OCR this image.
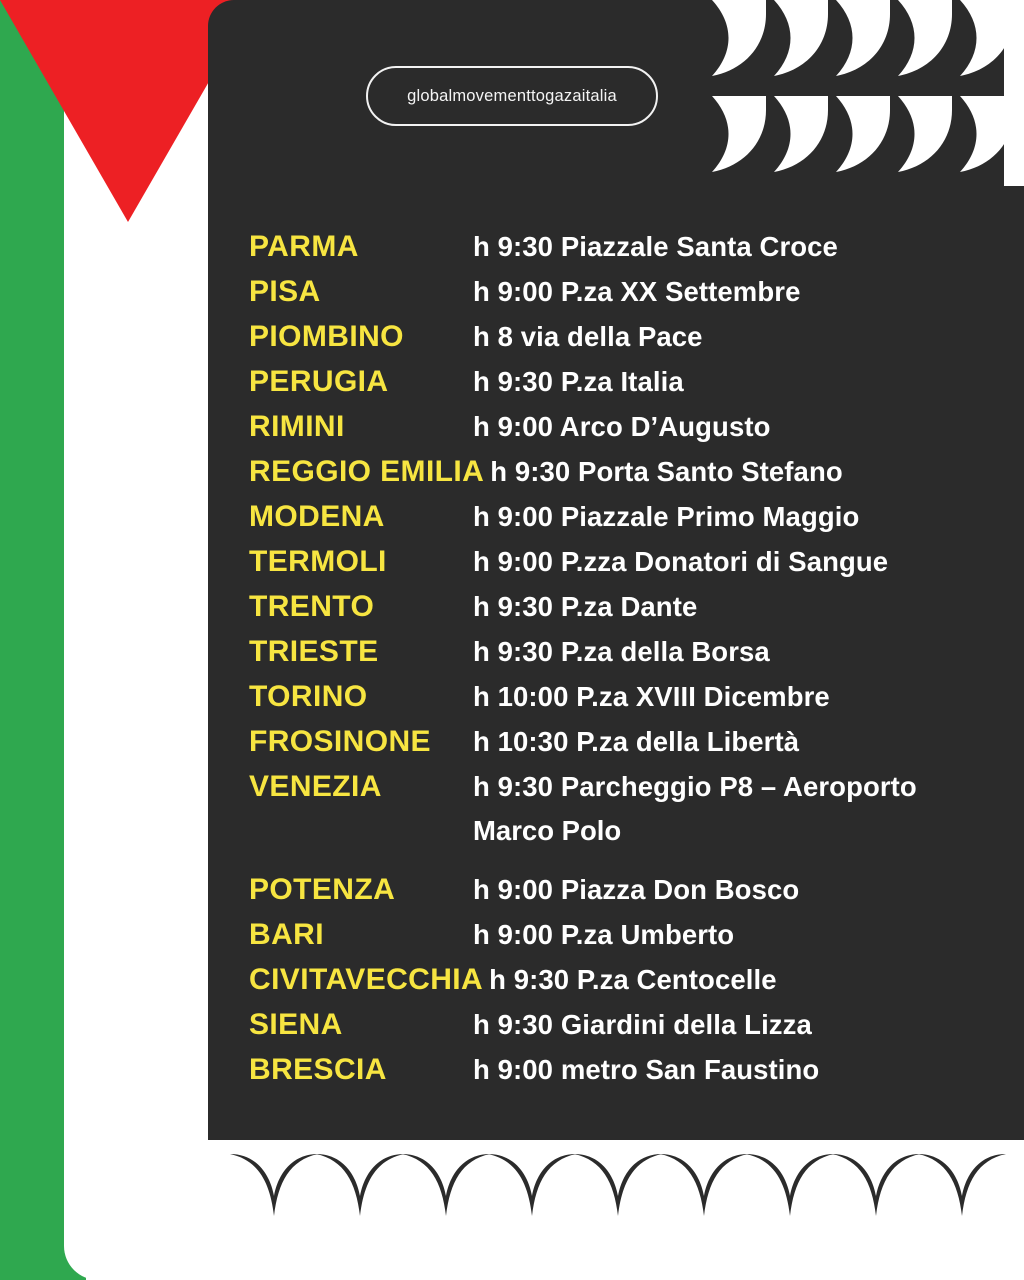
globalmovementtogazaitalia
PARMA	h 9:30 Piazzale Santa Croce
PISA	h 9:00 P.za XX Settembre
PIOMBINO	h 8 via della Pace
PERUGIA	h 9:30 P.za Italia
RIMINI	h 9:00 Arco D’Augusto
REGGIO EMILIA h 9:30 Porta Santo Stefano
MODENA	h 9:00 Piazzale Primo Maggio
TERMOLI	h 9:00 P.zza Donatori di Sangue
TRENTO	h 9:30 P.za Dante
TRIESTE	h 9:30 P.za della Borsa
TORINO	h 10:00 P.za XVIII Dicembre
FROSINONE	h 10:30 P.za della Libertà
VENEZIA	h 9:30 Parcheggio P8 – Aeroporto
Marco Polo
POTENZA	h 9:00 Piazza Don Bosco
BARI	h 9:00 P.za Umberto
CIVITAVECCHIA h 9:30 P.za Centocelle
SIENA	h 9:30 Giardini della Lizza
BRESCIA	h 9:00 metro San Faustino
